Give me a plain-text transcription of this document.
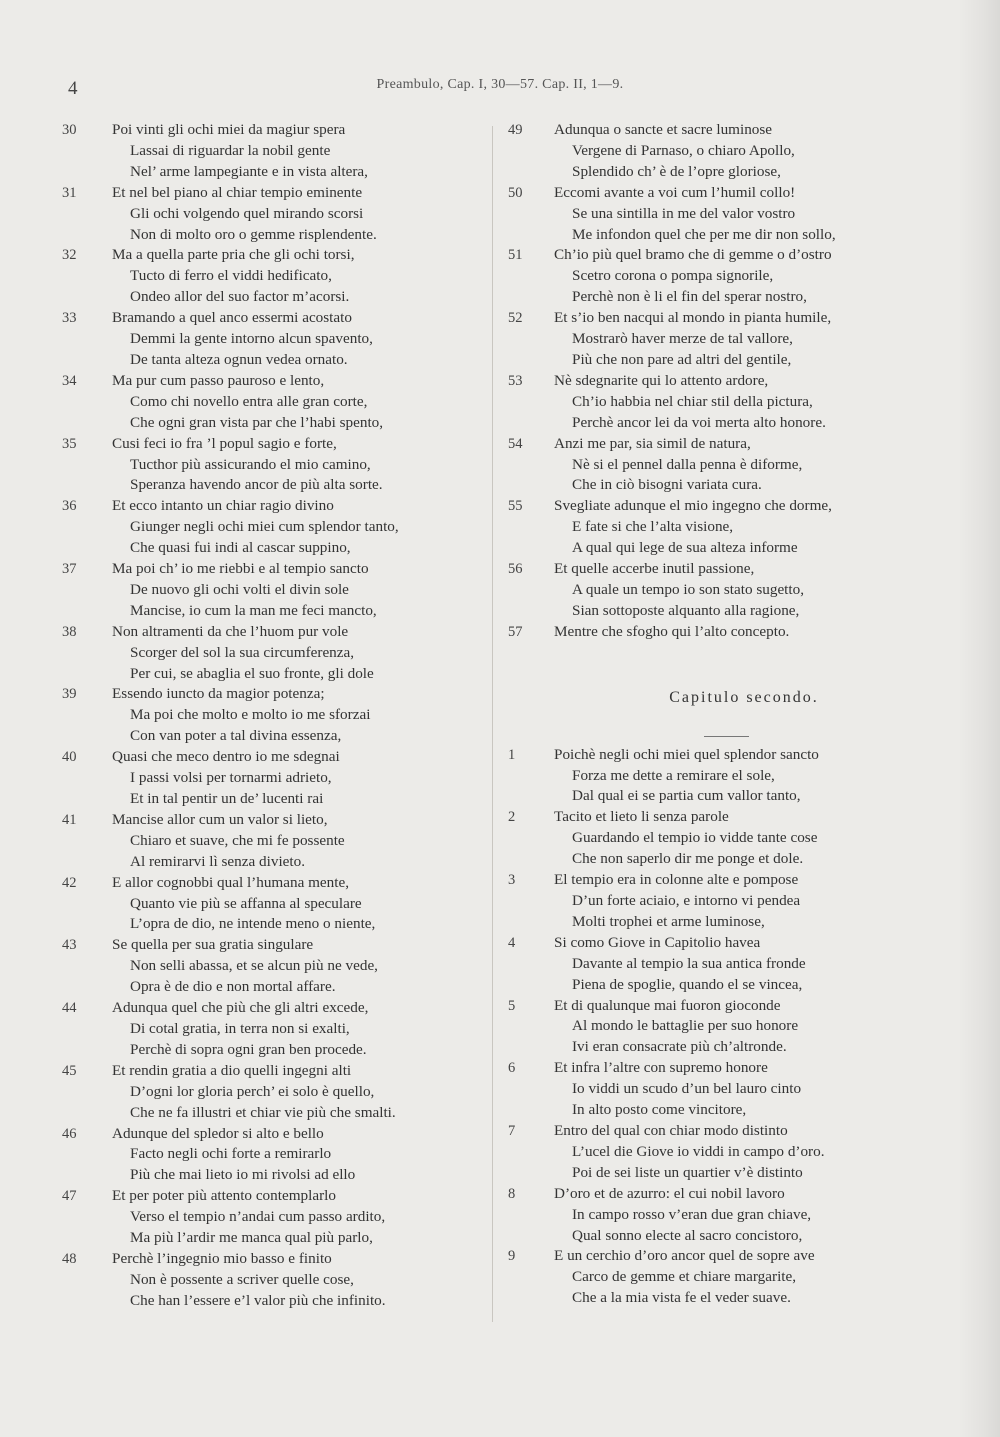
4	Preambulo, Cap. I, 30—57. Cap. II, 1—9.
30	Poi vinti gli ochi miei da magiur spera
Lassai di riguardar la nobil gente
Nel’ arme lampegiante e in vista altera,
31	Et nel bel piano al chiar tempio eminente
Gli ochi volgendo quel mirando scorsi
Non di molto oro o gemme risplendente.
32	Ma a quella parte pria che gli ochi torsi,
Tucto di ferro el viddi hedificato,
Ondeo allor del suo factor m’acorsi.
33	Bramando a quel anco essermi acostato
Demmi la gente intorno alcun spavento,
De tanta alteza ognun vedea ornato.
34	Ma pur cum passo pauroso e lento,
Como chi novello entra alle gran corte,
Che ogni gran vista par che l’habi spento,
35	Cusi feci io fra ’l popul sagio e forte,
Tucthor più assicurando el mio camino,
Speranza havendo ancor de più alta sorte.
36	Et ecco intanto un chiar ragio divino
Giunger negli ochi miei cum splendor tanto,
Che quasi fui indi al cascar suppino,
37	Ma poi ch’ io me riebbi e al tempio sancto
De nuovo gli ochi volti el divin sole
Mancise, io cum la man me feci mancto,
38	Non altramenti da che l’huom pur vole
Scorger del sol la sua circumferenza,
Per cui, se abaglia el suo fronte, gli dole
39	Essendo iuncto da magior potenza;
Ma poi che molto e molto io me sforzai
Con van poter a tal divina essenza,
40	Quasi che meco dentro io me sdegnai
I passi volsi per tornarmi adrieto,
Et in tal pentir un de’ lucenti rai
41	Mancise allor cum un valor si lieto,
Chiaro et suave, che mi fe possente
Al remirarvi lì senza divieto.
42	E allor cognobbi qual l’humana mente,
Quanto vie più se affanna al speculare
L’opra de dio, ne intende meno o niente,
43	Se quella per sua gratia singulare
Non selli abassa, et se alcun più ne vede,
Opra è de dio e non mortal affare.
44	Adunqua quel che più che gli altri excede,
Di cotal gratia, in terra non si exalti,
Perchè di sopra ogni gran ben procede.
45	Et rendin gratia a dio quelli ingegni alti
D’ogni lor gloria perch’ ei solo è quello,
Che ne fa illustri et chiar vie più che smalti.
46	Adunque del spledor si alto e bello
Facto negli ochi forte a remirarlo
Più che mai lieto io mi rivolsi ad ello
47	Et per poter più attento contemplarlo
Verso el tempio n’andai cum passo ardito,
Ma più l’ardir me manca qual più parlo,
48	Perchè l’ingegnio mio basso e finito
Non è possente a scriver quelle cose,
Che han l’essere e’l valor più che infinito.
49	Adunqua o sancte et sacre luminose
Vergene di Parnaso, o chiaro Apollo,
Splendido ch’ è de l’opre gloriose,
50	Eccomi avante a voi cum l’humil collo!
Se una sintilla in me del valor vostro
Me infondon quel che per me dir non sollo,
51	Ch’io più quel bramo che di gemme o d’ostro
Scetro corona o pompa signorile,
Perchè non è li el fin del sperar nostro,
52	Et s’io ben nacqui al mondo in pianta humile,
Mostrarò haver merze de tal vallore,
Più che non pare ad altri del gentile,
53	Nè sdegnarite qui lo attento ardore,
Ch’io habbia nel chiar stil della pictura,
Perchè ancor lei da voi merta alto honore.
54	Anzi me par, sia simil de natura,
Nè si el pennel dalla penna è diforme,
Che in ciò bisogni variata cura.
55	Svegliate adunque el mio ingegno che dorme,
E fate si che l’alta visione,
A qual qui lege de sua alteza informe
56	Et quelle accerbe inutil passione,
A quale un tempo io son stato sugetto,
Sian sottoposte alquanto alla ragione,
57	Mentre che sfogho qui l’alto concepto.
Capitulo secondo.
1	Poichè negli ochi miei quel splendor sancto
Forza me dette a remirare el sole,
Dal qual ei se partia cum vallor tanto,
2	Tacito et lieto li senza parole
Guardando el tempio io vidde tante cose
Che non saperlo dir me ponge et dole.
3	El tempio era in colonne alte e pompose
D’un forte aciaio, e intorno vi pendea
Molti trophei et arme luminose,
4	Si como Giove in Capitolio havea
Davante al tempio la sua antica fronde
Piena de spoglie, quando el se vincea,
5	Et di qualunque mai fuoron gioconde
Al mondo le battaglie per suo honore
Ivi eran consacrate più ch’altronde.
6	Et infra l’altre con supremo honore
Io viddi un scudo d’un bel lauro cinto
In alto posto come vincitore,
7	Entro del qual con chiar modo distinto
L’ucel die Giove io viddi in campo d’oro.
Poi de sei liste un quartier v’è distinto
8	D’oro et de azurro: el cui nobil lavoro
In campo rosso v’eran due gran chiave,
Qual sonno electe al sacro concistoro,
9	E un cerchio d’oro ancor quel de sopre ave
Carco de gemme et chiare margarite,
Che a la mia vista fe el veder suave.
